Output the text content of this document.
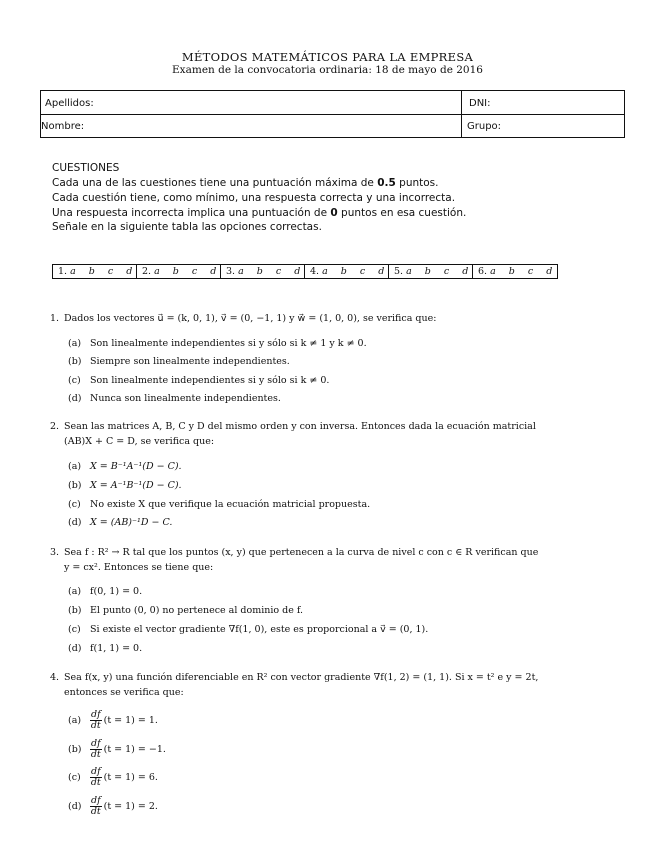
MÉTODOS MATEMÁTICOS PARA LA EMPRESA
Examen de la convocatoria ordinaria: 18 de mayo de 2016
Apellidos:	DNI:
Nombre:	Grupo:
CUESTIONES
Cada una de las cuestiones tiene una puntuación máxima de 0.5 puntos.
Cada cuestión tiene, como mínimo, una respuesta correcta y una incorrecta.
Una respuesta incorrecta implica una puntuación de 0 puntos en esa cuestión.
Señale en la siguiente tabla las opciones correctas.
1. a b c d 2. a b c d 3. a b c d 4. a b c d 5. a b c d 6. a b c d
1. Dados los vectores u⃗ = (k, 0, 1), v⃗ = (0, −1, 1) y w⃗ = (1, 0, 0), se verifica que:
(a) Son linealmente independientes si y sólo si k ≠ 1 y k ≠ 0.
(b) Siempre son linealmente independientes.
(c) Son linealmente independientes si y sólo si k ≠ 0.
(d) Nunca son linealmente independientes.
2. Sean las matrices A, B, C y D del mismo orden y con inversa. Entonces dada la ecuación matricial
(AB)X + C = D, se verifica que:
(a) X = B⁻¹A⁻¹(D − C).
(b) X = A⁻¹B⁻¹(D − C).
(c) No existe X que verifique la ecuación matricial propuesta.
(d) X = (AB)⁻¹D − C.
3. Sea f : R² → R tal que los puntos (x, y) que pertenecen a la curva de nivel c con c ∈ R verifican que
y = cx². Entonces se tiene que:
(a) f(0, 1) = 0.
(b) El punto (0, 0) no pertenece al dominio de f.
(c) Si existe el vector gradiente ∇f(1, 0), este es proporcional a v⃗ = (0, 1).
(d) f(1, 1) = 0.
4. Sea f(x, y) una función diferenciable en R² con vector gradiente ∇f(1, 2) = (1, 1). Si x = t² e y = 2t,
entonces se verifica que:
$(a) \frac{df}{dt} (t = 1) = 1$.
$(b) \frac{df}{dt} (t = 1) = -1$.
$(c) \frac{df}{dt} (t = 1) = 6$.
$(d) \frac{df}{dt} (t = 1) = 2$.
